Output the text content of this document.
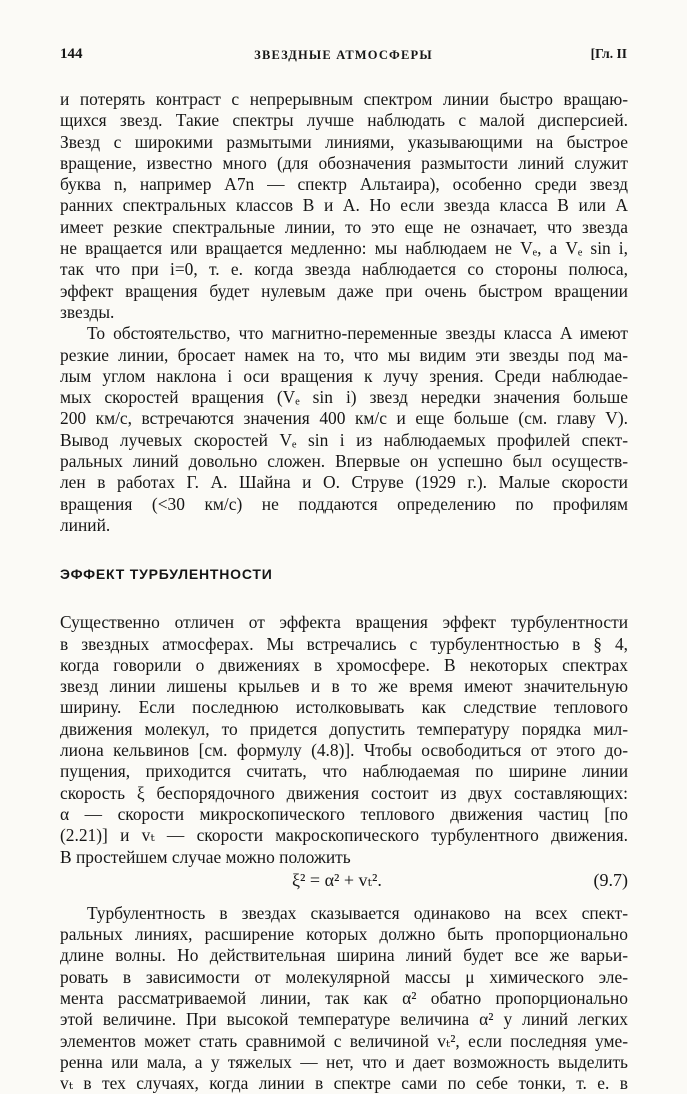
144	ЗВЕЗДНЫЕ АТМОСФЕРЫ	[Гл. II

и потерять контраст с непрерывным спектром линии быстро вращаю-
щихся звезд. Такие спектры лучше наблюдать с малой дисперсией.
Звезд с широкими размытыми линиями, указывающими на быстрое
вращение, известно много (для обозначения размытости линий служит
буква n, например A7n — спектр Альтаира), особенно среди звезд
ранних спектральных классов B и A. Но если звезда класса B или A
имеет резкие спектральные линии, то это еще не означает, что звезда
не вращается или вращается медленно: мы наблюдаем не Vₑ, а Vₑ sin i,
так что при i=0, т. е. когда звезда наблюдается со стороны полюса,
эффект вращения будет нулевым даже при очень быстром вращении
звезды.

То обстоятельство, что магнитно-переменные звезды класса A имеют
резкие линии, бросает намек на то, что мы видим эти звезды под ма-
лым углом наклона i оси вращения к лучу зрения. Среди наблюдае-
мых скоростей вращения (Vₑ sin i) звезд нередки значения больше
200 км/с, встречаются значения 400 км/с и еще больше (см. главу V).
Вывод лучевых скоростей Vₑ sin i из наблюдаемых профилей спект-
ральных линий довольно сложен. Впервые он успешно был осуществ-
лен в работах Г. А. Шайна и О. Струве (1929 г.). Малые скорости
вращения (<30 км/с) не поддаются определению по профилям
линий.

ЭФФЕКТ ТУРБУЛЕНТНОСТИ

Существенно отличен от эффекта вращения эффект турбулентности
в звездных атмосферах. Мы встречались с турбулентностью в § 4,
когда говорили о движениях в хромосфере. В некоторых спектрах
звезд линии лишены крыльев и в то же время имеют значительную
ширину. Если последнюю истолковывать как следствие теплового
движения молекул, то придется допустить температуру порядка мил-
лиона кельвинов [см. формулу (4.8)]. Чтобы освободиться от этого до-
пущения, приходится считать, что наблюдаемая по ширине линии
скорость ξ беспорядочного движения состоит из двух составляющих:
α — скорости микроскопического теплового движения частиц [по
(2.21)] и vₜ — скорости макроскопического турбулентного движения.
В простейшем случае можно положить

ξ² = α² + vₜ².	(9.7)

Турбулентность в звездах сказывается одинаково на всех спект-
ральных линиях, расширение которых должно быть пропорционально
длине волны. Но действительная ширина линий будет все же варьи-
ровать в зависимости от молекулярной массы μ химического эле-
мента рассматриваемой линии, так как α² обатно пропорционально
этой величине. При высокой температуре величина α² у линий легких
элементов может стать сравнимой с величиной vₜ², если последняя уме-
ренна или мала, а у тяжелых — нет, что и дает возможность выделить
vₜ в тех случаях, когда линии в спектре сами по себе тонки, т. е. в
